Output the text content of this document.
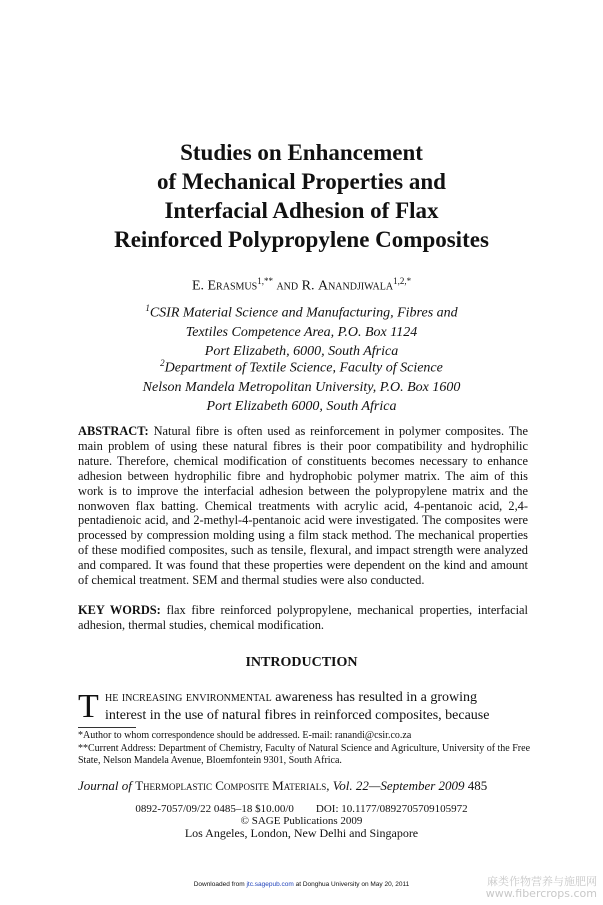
Studies on Enhancement
of Mechanical Properties and
Interfacial Adhesion of Flax
Reinforced Polypropylene Composites
E. Erasmus$^{1,**}$ and R. Anandjiwala$^{1,2,*}$
$^1$CSIR Material Science and Manufacturing, Fibres and
Textiles Competence Area, P.O. Box 1124
Port Elizabeth, 6000, South Africa
$^2$Department of Textile Science, Faculty of Science
Nelson Mandela Metropolitan University, P.O. Box 1600
Port Elizabeth 6000, South Africa
ABSTRACT: Natural fibre is often used as reinforcement in polymer composites. The main problem of using these natural fibres is their poor compatibility and hydrophilic nature. Therefore, chemical modification of constituents becomes necessary to enhance adhesion between hydrophilic fibre and hydrophobic polymer matrix. The aim of this work is to improve the interfacial adhesion between the polypropylene matrix and the nonwoven flax batting. Chemical treatments with acrylic acid, 4-pentanoic acid, 2,4-pentadienoic acid, and 2-methyl-4-pentanoic acid were investigated. The composites were processed by compression molding using a film stack method. The mechanical properties of these modified composites, such as tensile, flexural, and impact strength were analyzed and compared. It was found that these properties were dependent on the kind and amount of chemical treatment. SEM and thermal studies were also conducted.
KEY WORDS: flax fibre reinforced polypropylene, mechanical properties, interfacial adhesion, thermal studies, chemical modification.
INTRODUCTION
T he increasing environmental awareness has resulted in a growing
interest in the use of natural fibres in reinforced composites, because
*Author to whom correspondence should be addressed. E-mail: ranandi@csir.co.za
**Current Address: Department of Chemistry, Faculty of Natural Science and Agriculture, University of the Free State, Nelson Mandela Avenue, Bloemfontein 9301, South Africa.
Journal of Thermoplastic Composite Materials, Vol. 22—September 2009 485
0892-7057/09/22 0485–18 $10.00/0        DOI: 10.1177/0892705709105972
© SAGE Publications 2009
Los Angeles, London, New Delhi and Singapore
Downloaded from jtc.sagepub.com at Donghua University on May 20, 2011	麻类作物营养与施肥网
www.fibercrops.com
